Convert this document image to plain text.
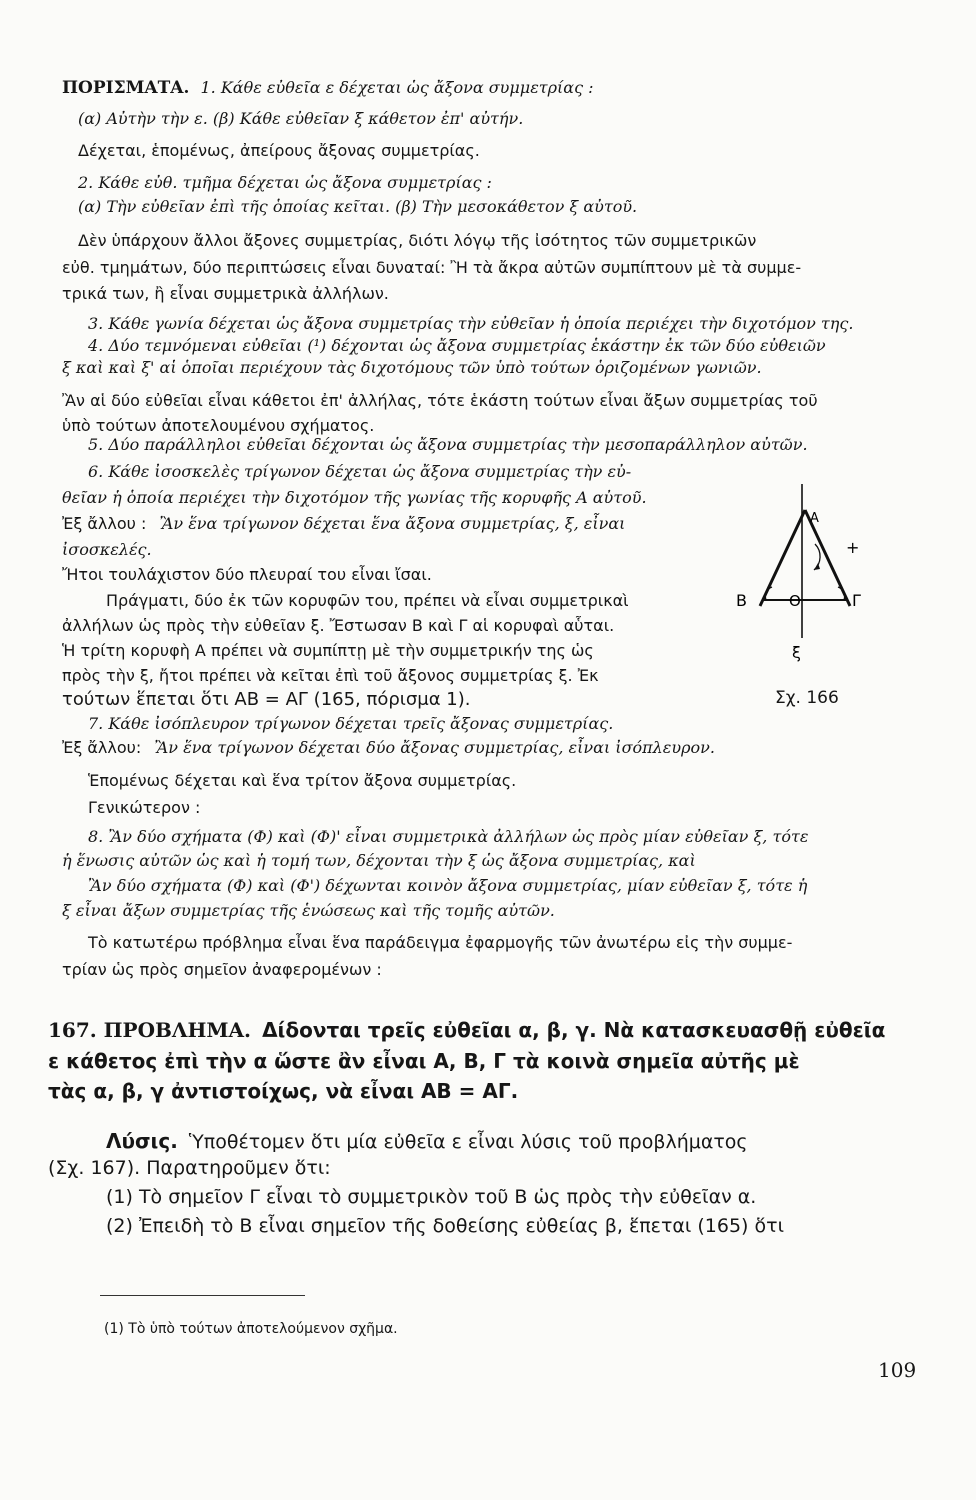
ΠΟΡΙΣΜΑΤΑ. 1. Κάθε εὐθεῖα ε δέχεται ὡς ἄξονα συμμετρίας :
(α) Αὐτὴν τὴν ε. (β) Κάθε εὐθεῖαν ξ κάθετον ἐπ' αὐτήν.
Δέχεται, ἑπομένως, ἀπείρους ἄξονας συμμετρίας.
2. Κάθε εὐθ. τμῆμα δέχεται ὡς ἄξονα συμμετρίας :
(α) Τὴν εὐθεῖαν ἐπὶ τῆς ὁποίας κεῖται. (β) Τὴν μεσοκάθετον ξ αὐτοῦ.
Δὲν ὑπάρχουν ἄλλοι ἄξονες συμμετρίας, διότι λόγῳ τῆς ἰσότητος τῶν συμμετρικῶν
εὐθ. τμημάτων, δύο περιπτώσεις εἶναι δυναταί: Ἢ τὰ ἄκρα αὐτῶν συμπίπτουν μὲ τὰ συμμε-
τρικά των, ἢ εἶναι συμμετρικὰ ἀλλήλων.
3. Κάθε γωνία δέχεται ὡς ἄξονα συμμετρίας τὴν εὐθεῖαν ἡ ὁποία περιέχει τὴν διχοτόμον της.
4. Δύο τεμνόμεναι εὐθεῖαι (¹) δέχονται ὡς ἄξονα συμμετρίας ἑκάστην ἐκ τῶν δύο εὐθειῶν
ξ καὶ καὶ ξ' αἱ ὁποῖαι περιέχουν τὰς διχοτόμους τῶν ὑπὸ τούτων ὁριζομένων γωνιῶν.
Ἂν αἱ δύο εὐθεῖαι εἶναι κάθετοι ἐπ' ἀλλήλας, τότε ἑκάστη τούτων εἶναι ἄξων συμμετρίας τοῦ
ὑπὸ τούτων ἀποτελουμένου σχήματος.
5. Δύο παράλληλοι εὐθεῖαι δέχονται ὡς ἄξονα συμμετρίας τὴν μεσοπαράλληλον αὐτῶν.
6. Κάθε ἰσοσκελὲς τρίγωνον δέχεται ὡς ἄξονα συμμετρίας τὴν εὐ-
θεῖαν ἡ ὁποία περιέχει τὴν διχοτόμον τῆς γωνίας τῆς κορυφῆς Α αὐτοῦ.
Ἐξ ἄλλου : Ἂν ἕνα τρίγωνον δέχεται ἕνα ἄξονα συμμετρίας, ξ, εἶναι
ἰσοσκελές.
Ἤτοι τουλάχιστον δύο πλευραί του εἶναι ἴσαι.
Πράγματι, δύο ἐκ τῶν κορυφῶν του, πρέπει νὰ εἶναι συμμετρικαὶ
ἀλλήλων ὡς πρὸς τὴν εὐθεῖαν ξ. Ἔστωσαν Β καὶ Γ αἱ κορυφαὶ αὗται.
Ἡ τρίτη κορυφὴ Α πρέπει νὰ συμπίπτῃ μὲ τὴν συμμετρικήν της ὡς
πρὸς τὴν ξ, ἤτοι πρέπει νὰ κεῖται ἐπὶ τοῦ ἄξονος συμμετρίας ξ. Ἐκ
τούτων ἕπεται ὅτι ΑΒ = ΑΓ (165, πόρισμα 1).
7. Κάθε ἰσόπλευρον τρίγωνον δέχεται τρεῖς ἄξονας συμμετρίας.
Ἐξ ἄλλου: Ἂν ἕνα τρίγωνον δέχεται δύο ἄξονας συμμετρίας, εἶναι ἰσόπλευρον.
Ἑπομένως δέχεται καὶ ἕνα τρίτον ἄξονα συμμετρίας.
Γενικώτερον :
8. Ἂν δύο σχήματα (Φ) καὶ (Φ)' εἶναι συμμετρικὰ ἀλλήλων ὡς πρὸς μίαν εὐθεῖαν ξ, τότε
ἡ ἕνωσις αὐτῶν ὡς καὶ ἡ τομή των, δέχονται τὴν ξ ὡς ἄξονα συμμετρίας, καὶ
Ἂν δύο σχήματα (Φ) καὶ (Φ') δέχωνται κοινὸν ἄξονα συμμετρίας, μίαν εὐθεῖαν ξ, τότε ἡ
ξ εἶναι ἄξων συμμετρίας τῆς ἑνώσεως καὶ τῆς τομῆς αὐτῶν.
Τὸ κατωτέρω πρόβλημα εἶναι ἕνα παράδειγμα ἐφαρμογῆς τῶν ἀνωτέρω εἰς τὴν συμμε-
τρίαν ὡς πρὸς σημεῖον ἀναφερομένων :
Α
+
Β	Ο	Γ
ξ
Σχ. 166
167. ΠΡΟΒΛΗΜΑ. Δίδονται τρεῖς εὐθεῖαι α, β, γ. Νὰ κατασκευασθῇ εὐθεῖα
ε κάθετος ἐπὶ τὴν α ὥστε ἂν εἶναι Α, Β, Γ τὰ κοινὰ σημεῖα αὐτῆς μὲ
τὰς α, β, γ ἀντιστοίχως, νὰ εἶναι ΑΒ = ΑΓ.
Λύσις. Ὑποθέτομεν ὅτι μία εὐθεῖα ε εἶναι λύσις τοῦ προβλήματος
(Σχ. 167). Παρατηροῦμεν ὅτι:
(1) Τὸ σημεῖον Γ εἶναι τὸ συμμετρικὸν τοῦ Β ὡς πρὸς τὴν εὐθεῖαν α.
(2) Ἐπειδὴ τὸ Β εἶναι σημεῖον τῆς δοθείσης εὐθείας β, ἕπεται (165) ὅτι
(1) Τὸ ὑπὸ τούτων ἀποτελούμενον σχῆμα.
109
